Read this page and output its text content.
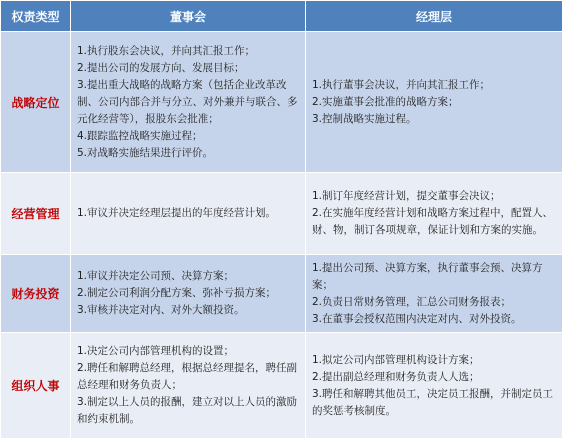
权责类型	董事会	经理层
战略定位	1.执行股东会决议，并向其汇报工作；
2.提出公司的发展方向、发展目标；
3.提出重大战略的战略方案（包括企业改革改制、公司内部合并与分立、对外兼并与联合、多元化经营等），报股东会批准；
4.跟踪监控战略实施过程；
5.对战略实施结果进行评价。	1.执行董事会决议，并向其汇报工作；
2.实施董事会批准的战略方案；
3.控制战略实施过程。

经营管理	1.审议并决定经理层提出的年度经营计划。	1.制订年度经营计划，提交董事会决议；
2.在实施年度经营计划和战略方案过程中，配置人、财、物，制订各项规章，保证计划和方案的实施。

财务投资	1.审议并决定公司预、决算方案；
2.制定公司利润分配方案、弥补亏损方案；
3.审核并决定对内、对外大额投资。	1.提出公司预、决算方案，执行董事会预、决算方案；
2.负责日常财务管理，汇总公司财务报表；
3.在董事会授权范围内决定对内、对外投资。

组织人事	1.决定公司内部管理机构的设置；
2.聘任和解聘总经理，根据总经理提名，聘任副总经理和财务负责人；
3.制定以上人员的报酬，建立对以上人员的激励和约束机制。	1.拟定公司内部管理机构设计方案；
2.提出副总经理和财务负责人人选；
3.聘任和解聘其他员工，决定员工报酬，并制定员工的奖惩考核制度。
